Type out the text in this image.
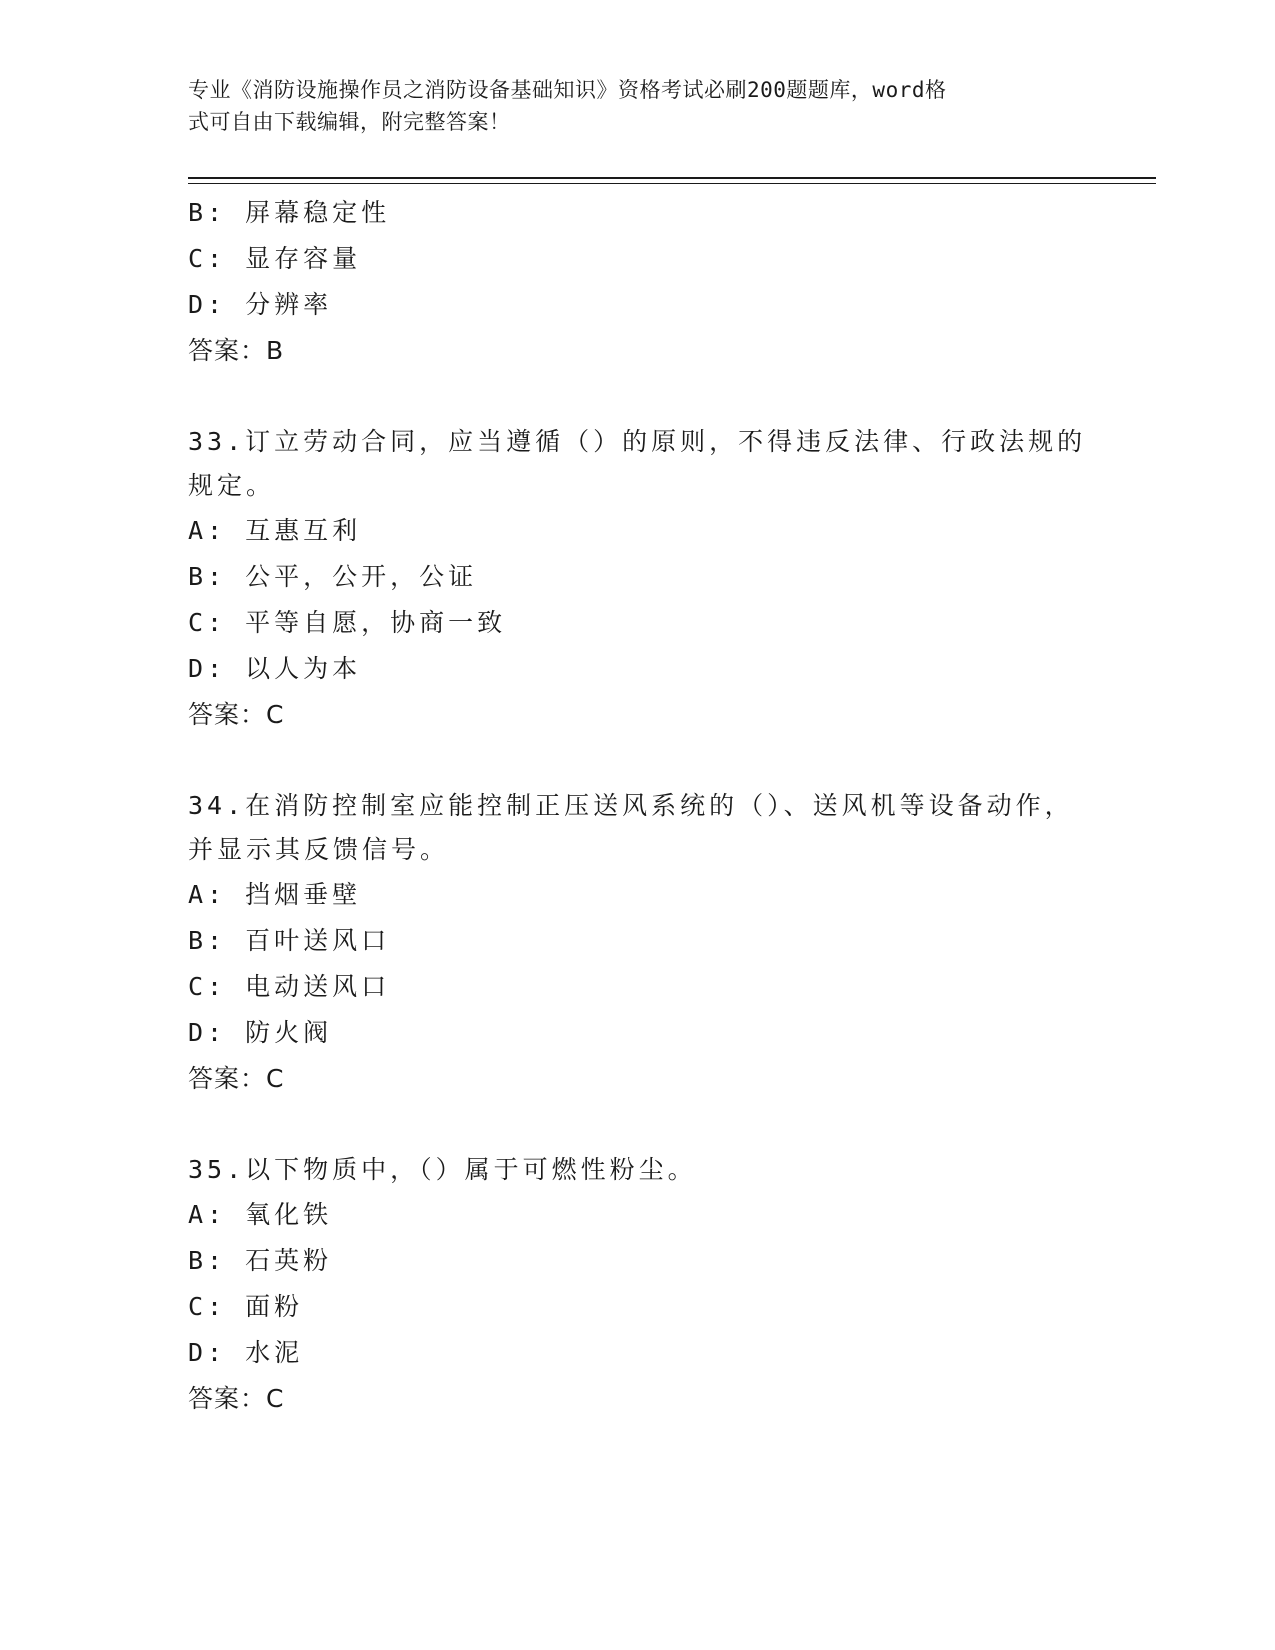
专业《消防设施操作员之消防设备基础知识》资格考试必刷200题题库，word格
式可自由下载编辑，附完整答案！
B: 屏幕稳定性
C: 显存容量
D: 分辨率
答案：B
33.订立劳动合同，应当遵循（）的原则，不得违反法律、行政法规的
规定。
A: 互惠互利
B: 公平，公开，公证
C: 平等自愿，协商一致
D: 以人为本
答案：C
34.在消防控制室应能控制正压送风系统的（）、送风机等设备动作，
并显示其反馈信号。
A: 挡烟垂壁
B: 百叶送风口
C: 电动送风口
D: 防火阀
答案：C
35.以下物质中，（）属于可燃性粉尘。
A: 氧化铁
B: 石英粉
C: 面粉
D: 水泥
答案：C
